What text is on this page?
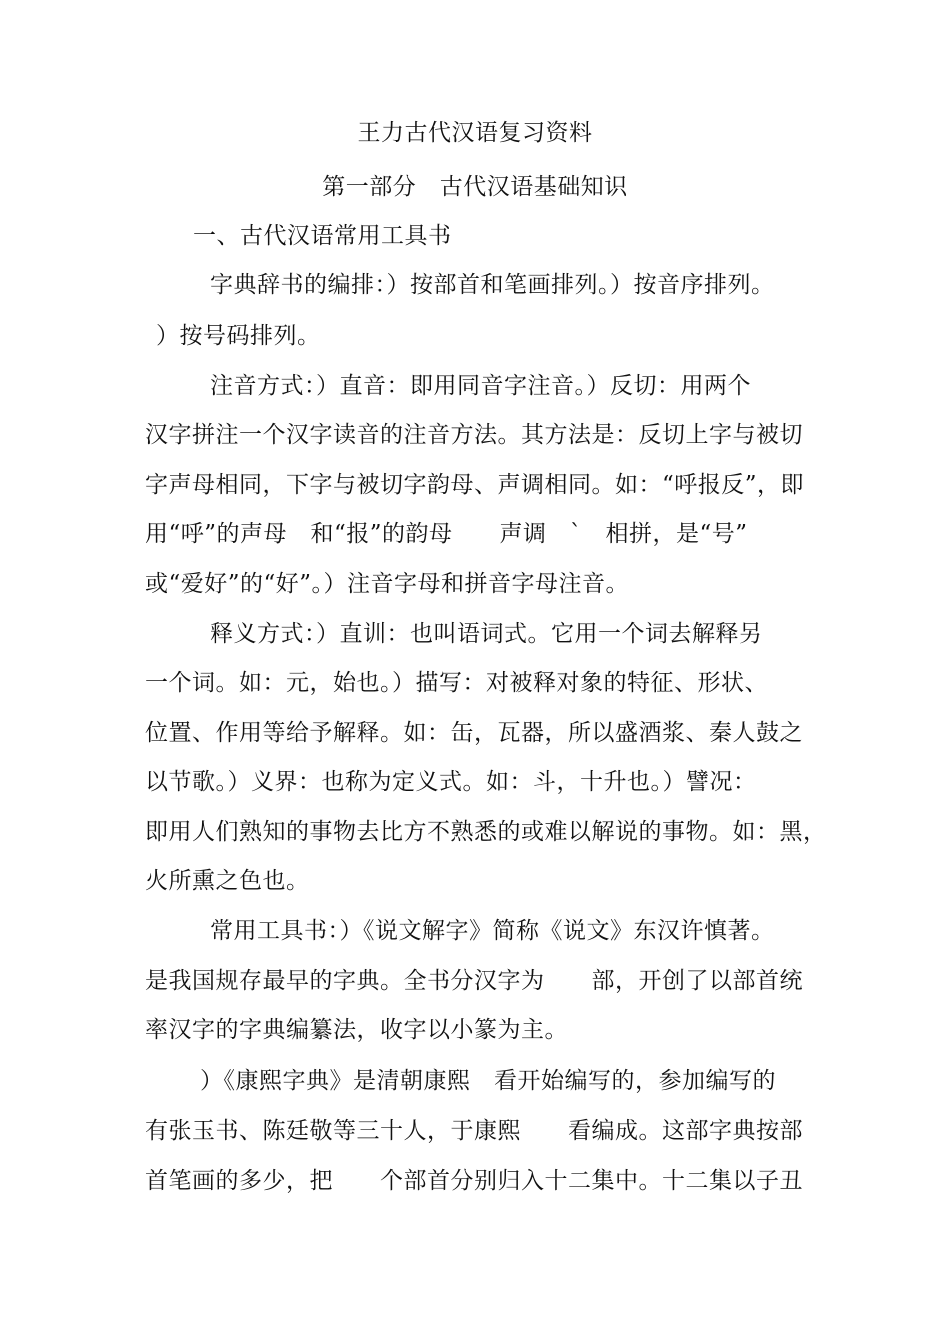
王力古代汉语复习资料
第一部分　古代汉语基础知识
一、古代汉语常用工具书
字典辞书的编排：）按部首和笔画排列。）按音序排列。
）按号码排列。
注音方式：）直音：即用同音字注音。）反切：用两个
汉字拼注一个汉字读音的注音方法。其方法是：反切上字与被切
字声母相同，下字与被切字韵母、声调相同。如：“呼报反”，即
用“呼”的声母　和“报”的韵母　　声调　`　相拼，是“号”
或“爱好”的“好”。）注音字母和拼音字母注音。
释义方式：）直训：也叫语词式。它用一个词去解释另
一个词。如：元，始也。）描写：对被释对象的特征、形状、
位置、作用等给予解释。如：缶，瓦器，所以盛酒浆、秦人鼓之
以节歌。）义界：也称为定义式。如：斗，十升也。）譬况：
即用人们熟知的事物去比方不熟悉的或难以解说的事物。如：黑，
火所熏之色也。
常用工具书：）《说文解字》简称《说文》东汉许慎著。
是我国规存最早的字典。全书分汉字为　　部，开创了以部首统
率汉字的字典编纂法，收字以小篆为主。
）《康熙字典》是清朝康熙　看开始编写的，参加编写的
有张玉书、陈廷敬等三十人，于康熙　　看编成。这部字典按部
首笔画的多少，把　　个部首分别归入十二集中。十二集以子丑
